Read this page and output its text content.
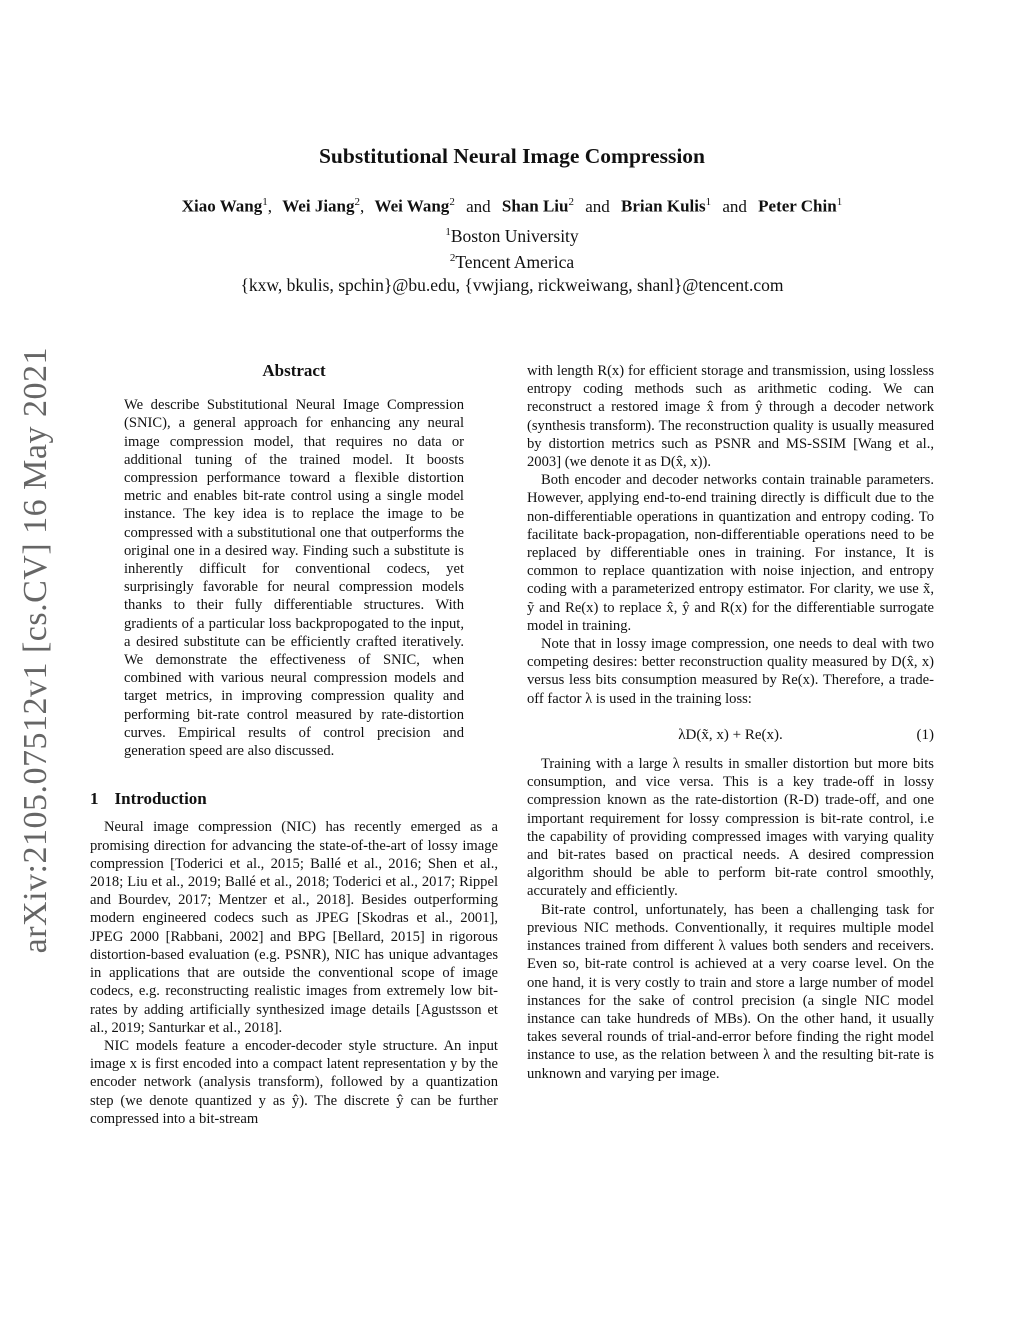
arXiv:2105.07512v1 [cs.CV] 16 May 2021
Substitutional Neural Image Compression
Xiao Wang$^1$, Wei Jiang$^2$, Wei Wang$^2$ and Shan Liu$^2$ and Brian Kulis$^1$ and Peter Chin$^1$
$^1$Boston University
$^2$Tencent America
{kxw, bkulis, spchin}@bu.edu, {vwjiang, rickweiwang, shanl}@tencent.com
Abstract
We describe Substitutional Neural Image Compression (SNIC), a general approach for enhancing any neural image compression model, that requires no data or additional tuning of the trained model. It boosts compression performance toward a flexible distortion metric and enables bit-rate control using a single model instance. The key idea is to replace the image to be compressed with a substitutional one that outperforms the original one in a desired way. Finding such a substitute is inherently difficult for conventional codecs, yet surprisingly favorable for neural compression models thanks to their fully differentiable structures. With gradients of a particular loss backpropogated to the input, a desired substitute can be efficiently crafted iteratively. We demonstrate the effectiveness of SNIC, when combined with various neural compression models and target metrics, in improving compression quality and performing bit-rate control measured by rate-distortion curves. Empirical results of control precision and generation speed are also discussed.
1 Introduction

Neural image compression (NIC) has recently emerged as a promising direction for advancing the state-of-the-art of lossy image compression [Toderici et al., 2015; Ballé et al., 2016; Shen et al., 2018; Liu et al., 2019; Ballé et al., 2018; Toderici et al., 2017; Rippel and Bourdev, 2017; Mentzer et al., 2018]. Besides outperforming modern engineered codecs such as JPEG [Skodras et al., 2001], JPEG 2000 [Rabbani, 2002] and BPG [Bellard, 2015] in rigorous distortion-based evaluation (e.g. PSNR), NIC has unique advantages in applications that are outside the conventional scope of image codecs, e.g. reconstructing realistic images from extremely low bit-rates by adding artificially synthesized image details [Agustsson et al., 2019; Santurkar et al., 2018].

NIC models feature a encoder-decoder style structure. An input image x is first encoded into a compact latent representation y by the encoder network (analysis transform), followed by a quantization step (we denote quantized y as ŷ). The discrete ŷ can be further compressed into a bit-stream

with length R(x) for efficient storage and transmission, using lossless entropy coding methods such as arithmetic coding. We can reconstruct a restored image x̂ from ŷ through a decoder network (synthesis transform). The reconstruction quality is usually measured by distortion metrics such as PSNR and MS-SSIM [Wang et al., 2003] (we denote it as D(x̂, x)).

Both encoder and decoder networks contain trainable parameters. However, applying end-to-end training directly is difficult due to the non-differentiable operations in quantization and entropy coding. To facilitate back-propagation, non-differentiable operations need to be replaced by differentiable ones in training. For instance, It is common to replace quantization with noise injection, and entropy coding with a parameterized entropy estimator. For clarity, we use x̃, ỹ and Re(x) to replace x̂, ŷ and R(x) for the differentiable surrogate model in training.

Note that in lossy image compression, one needs to deal with two competing desires: better reconstruction quality measured by D(x̂, x) versus less bits consumption measured by Re(x). Therefore, a trade-off factor λ is used in the training loss:

λD(x̃, x) + Re(x).	(1)

Training with a large λ results in smaller distortion but more bits consumption, and vice versa. This is a key trade-off in lossy compression known as the rate-distortion (R-D) trade-off, and one important requirement for lossy compression is bit-rate control, i.e the capability of providing compressed images with varying quality and bit-rates based on practical needs. A desired compression algorithm should be able to perform bit-rate control smoothly, accurately and efficiently.

Bit-rate control, unfortunately, has been a challenging task for previous NIC methods. Conventionally, it requires multiple model instances trained from different λ values both senders and receivers. Even so, bit-rate control is achieved at a very coarse level. On the one hand, it is very costly to train and store a large number of model instances for the sake of control precision (a single NIC model instance can take hundreds of MBs). On the other hand, it usually takes several rounds of trial-and-error before finding the right model instance to use, as the relation between λ and the resulting bit-rate is unknown and varying per image.
